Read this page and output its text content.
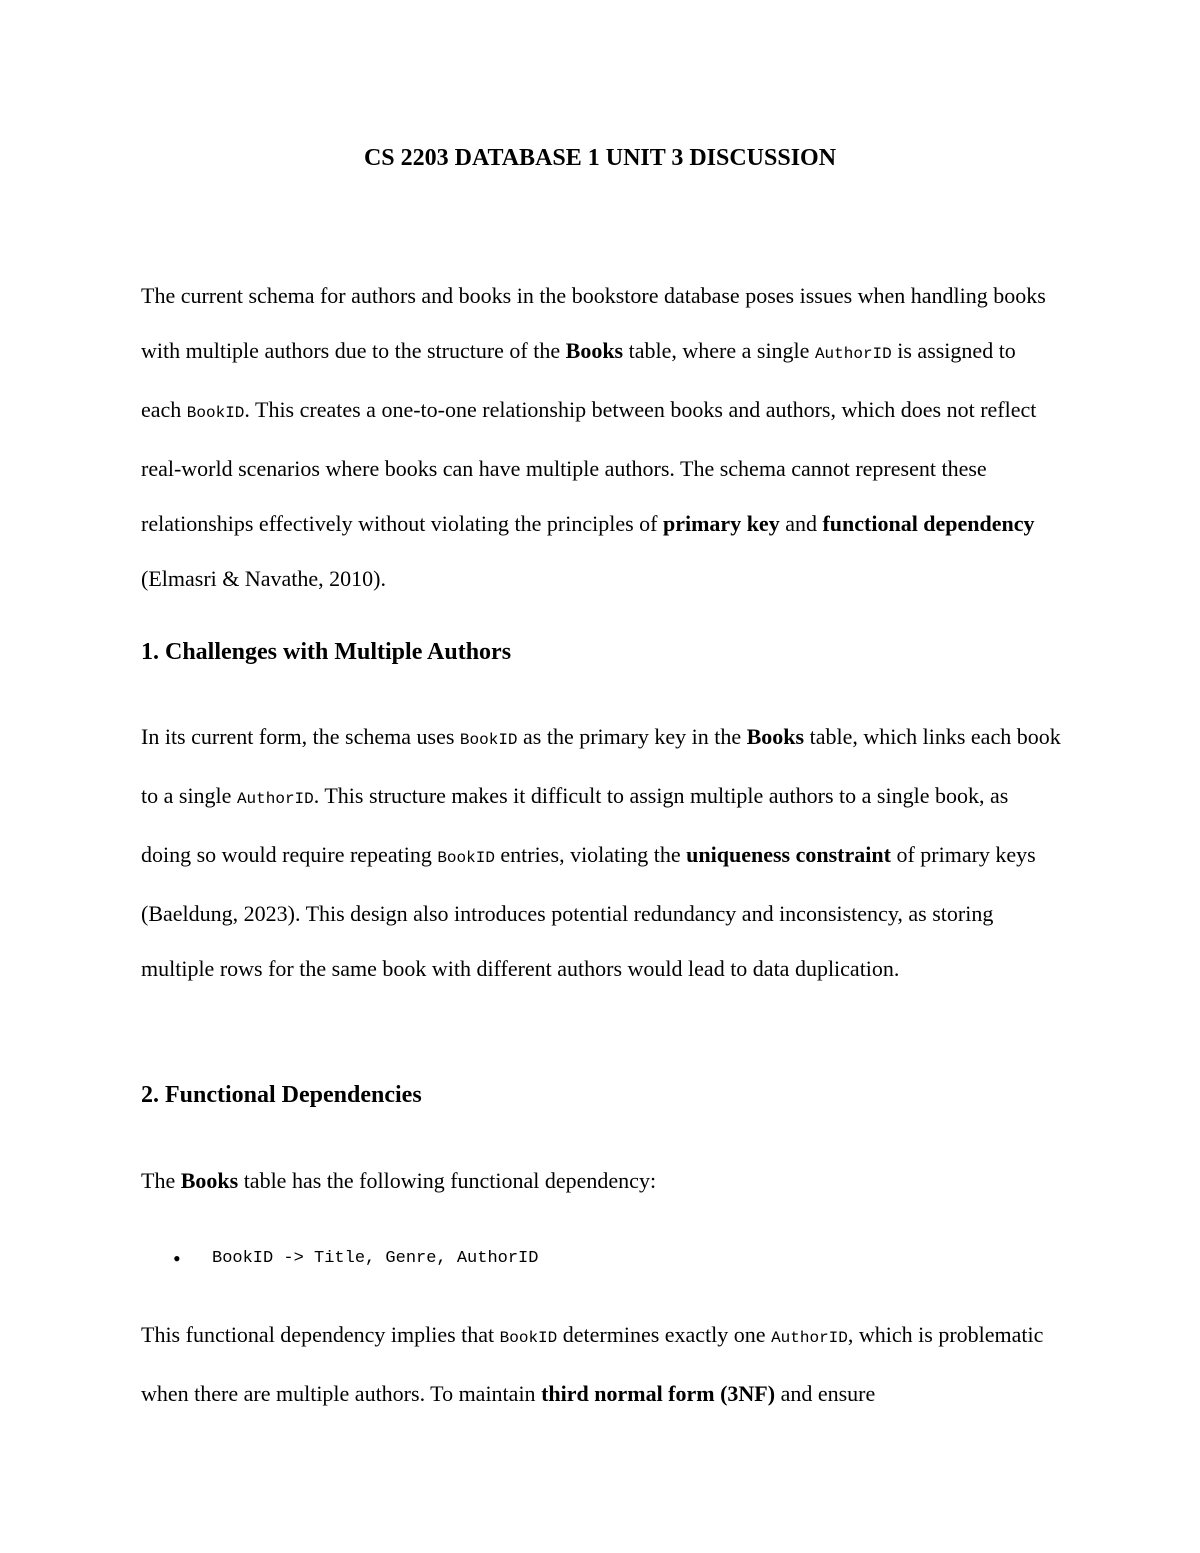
CS 2203 DATABASE 1 UNIT 3 DISCUSSION

The current schema for authors and books in the bookstore database poses issues when handling books with multiple authors due to the structure of the Books table, where a single AuthorID is assigned to each BookID. This creates a one-to-one relationship between books and authors, which does not reflect real-world scenarios where books can have multiple authors. The schema cannot represent these relationships effectively without violating the principles of primary key and functional dependency (Elmasri & Navathe, 2010).

1. Challenges with Multiple Authors

In its current form, the schema uses BookID as the primary key in the Books table, which links each book to a single AuthorID. This structure makes it difficult to assign multiple authors to a single book, as doing so would require repeating BookID entries, violating the uniqueness constraint of primary keys (Baeldung, 2023). This design also introduces potential redundancy and inconsistency, as storing multiple rows for the same book with different authors would lead to data duplication.

2. Functional Dependencies

The Books table has the following functional dependency:

• BookID -> Title, Genre, AuthorID

This functional dependency implies that BookID determines exactly one AuthorID, which is problematic when there are multiple authors. To maintain third normal form (3NF) and ensure
